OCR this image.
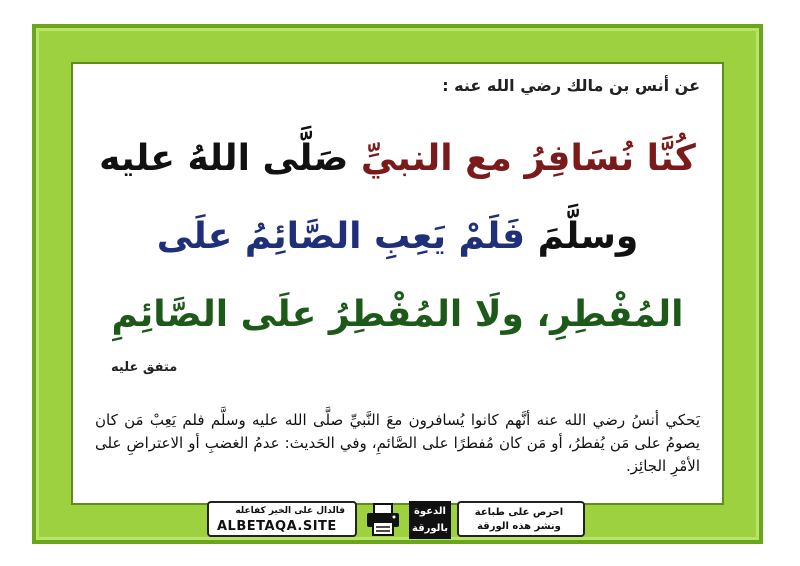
عن أنس بن مالك رضي الله عنه :
كُنَّا نُسَافِرُ مع النبيِّ صَلَّى اللهُ عليه
وسلَّمَ فَلَمْ يَعِبِ الصَّائِمُ علَى
المُفْطِرِ، ولَا المُفْطِرُ علَى الصَّائِمِ
متفق عليه
يَحكي أنسُ رضي الله عنه أنَّهم كانوا يُسافرون معَ النَّبيِّ صلَّى الله عليه وسلَّم فلم يَعِبْ مَن كان يصومُ على مَن يُفطرُ، أو مَن كان مُفطرًا على الصَّائمِ، وفي الحَديث: عدمُ الغضبِ أو الاعتراضِ على الأمْرِ الجائِز.
فالدال على الخير كفاعله
ALBETAQA.SITE
الدعوة بالورقة
احرص على طباعة ونشر هذه الورقة
